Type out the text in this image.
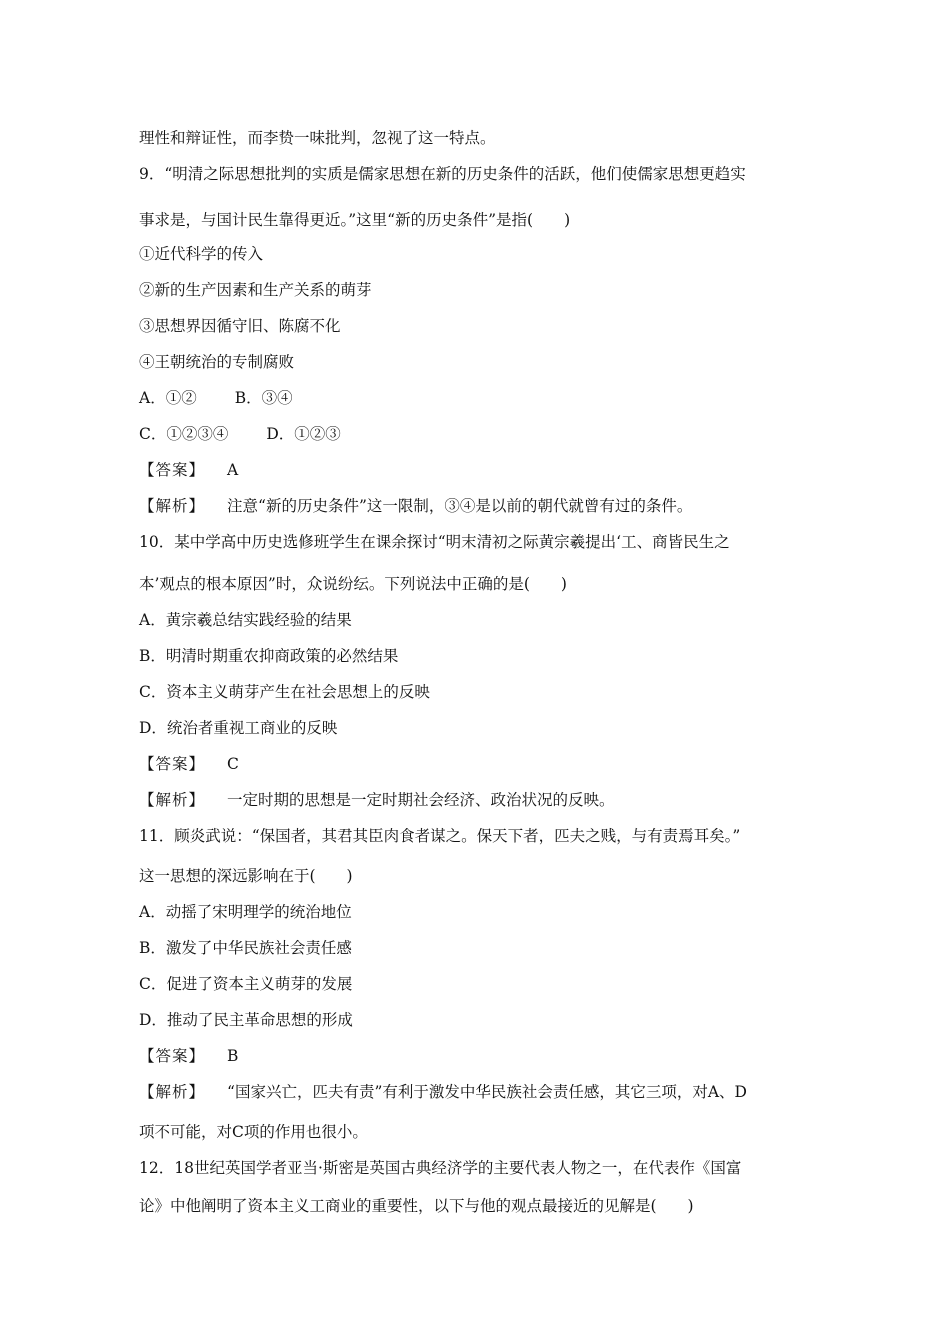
理性和辩证性，而李贽一味批判，忽视了这一特点。
9．“明清之际思想批判的实质是儒家思想在新的历史条件的活跃，他们使儒家思想更趋实
事求是，与国计民生靠得更近。”这里“新的历史条件”是指(　　)
①近代科学的传入
②新的生产因素和生产关系的萌芽
③思想界因循守旧、陈腐不化
④王朝统治的专制腐败
A．①② B．③④
C．①②③④ D．①②③
【答案】 A
【解析】 注意“新的历史条件”这一限制，③④是以前的朝代就曾有过的条件。
10．某中学高中历史选修班学生在课余探讨“明末清初之际黄宗羲提出‘工、商皆民生之
本’观点的根本原因”时，众说纷纭。下列说法中正确的是(　　)
A．黄宗羲总结实践经验的结果
B．明清时期重农抑商政策的必然结果
C．资本主义萌芽产生在社会思想上的反映
D．统治者重视工商业的反映
【答案】 C
【解析】 一定时期的思想是一定时期社会经济、政治状况的反映。
11．顾炎武说：“保国者，其君其臣肉食者谋之。保天下者，匹夫之贱，与有责焉耳矣。”
这一思想的深远影响在于(　　)
A．动摇了宋明理学的统治地位
B．激发了中华民族社会责任感
C．促进了资本主义萌芽的发展
D．推动了民主革命思想的形成
【答案】 B
【解析】 “国家兴亡，匹夫有责”有利于激发中华民族社会责任感，其它三项，对A、D
项不可能，对C项的作用也很小。
12．18世纪英国学者亚当·斯密是英国古典经济学的主要代表人物之一，在代表作《国富
论》中他阐明了资本主义工商业的重要性，以下与他的观点最接近的见解是(　　)
